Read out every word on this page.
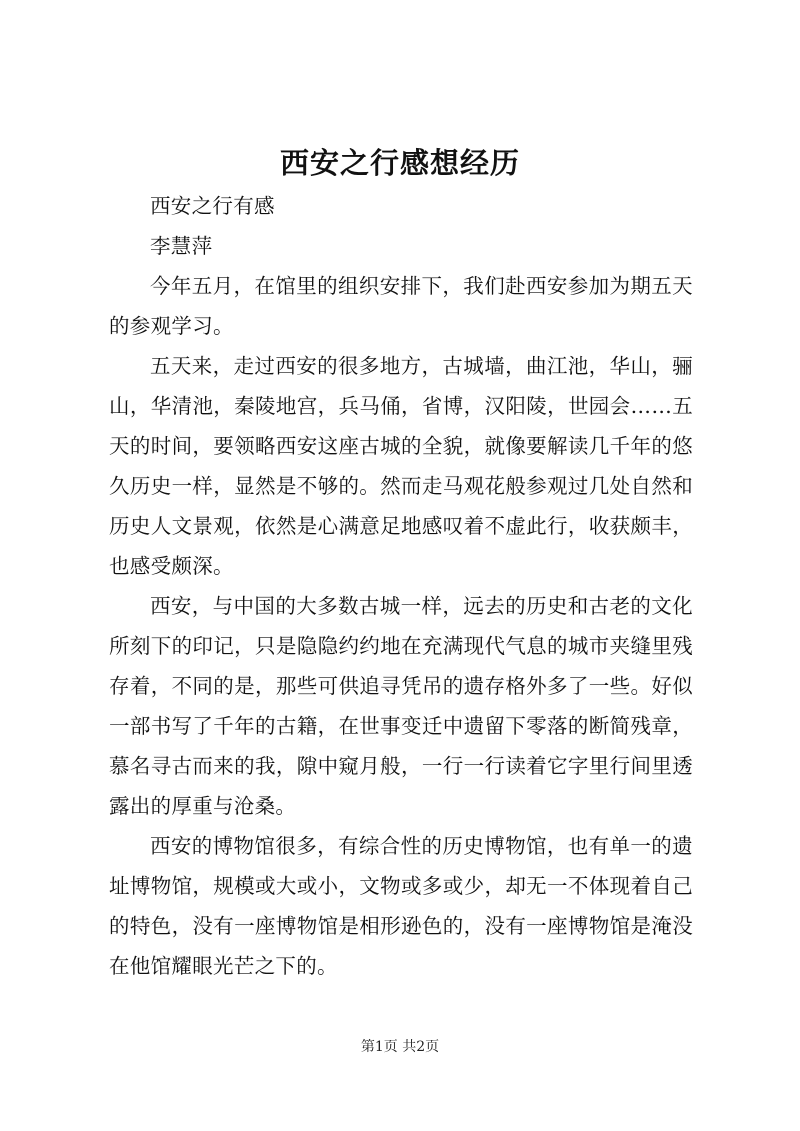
西安之行感想经历

西安之行有感

李慧萍

今年五月，在馆里的组织安排下，我们赴西安参加为期五天的参观学习。

五天来，走过西安的很多地方，古城墙，曲江池，华山，骊山，华清池，秦陵地宫，兵马俑，省博，汉阳陵，世园会……五天的时间，要领略西安这座古城的全貌，就像要解读几千年的悠久历史一样，显然是不够的。然而走马观花般参观过几处自然和历史人文景观，依然是心满意足地感叹着不虚此行，收获颇丰，也感受颇深。

西安，与中国的大多数古城一样，远去的历史和古老的文化所刻下的印记，只是隐隐约约地在充满现代气息的城市夹缝里残存着，不同的是，那些可供追寻凭吊的遗存格外多了一些。好似一部书写了千年的古籍，在世事变迁中遗留下零落的断简残章，慕名寻古而来的我，隙中窥月般，一行一行读着它字里行间里透露出的厚重与沧桑。

西安的博物馆很多，有综合性的历史博物馆，也有单一的遗址博物馆，规模或大或小，文物或多或少，却无一不体现着自己的特色，没有一座博物馆是相形逊色的，没有一座博物馆是淹没在他馆耀眼光芒之下的。

第1页 共2页
